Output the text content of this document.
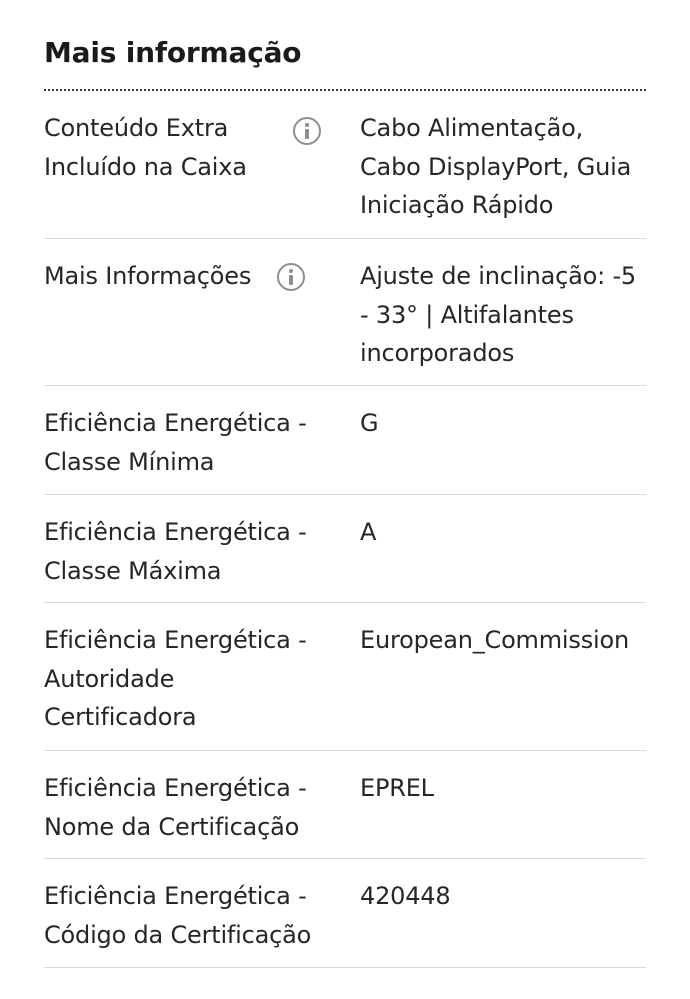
Mais informação
Conteúdo Extra Incluído na Caixa
Cabo Alimentação, Cabo DisplayPort, Guia Iniciação Rápido
Mais Informações	Ajuste de inclinação: -5 - 33° | Altifalantes incorporados
Eficiência Energética - Classe Mínima
G
Eficiência Energética - Classe Máxima
A
Eficiência Energética - Autoridade Certificadora
European_Commission
Eficiência Energética - Nome da Certificação
EPREL
Eficiência Energética - Código da Certificação
420448
